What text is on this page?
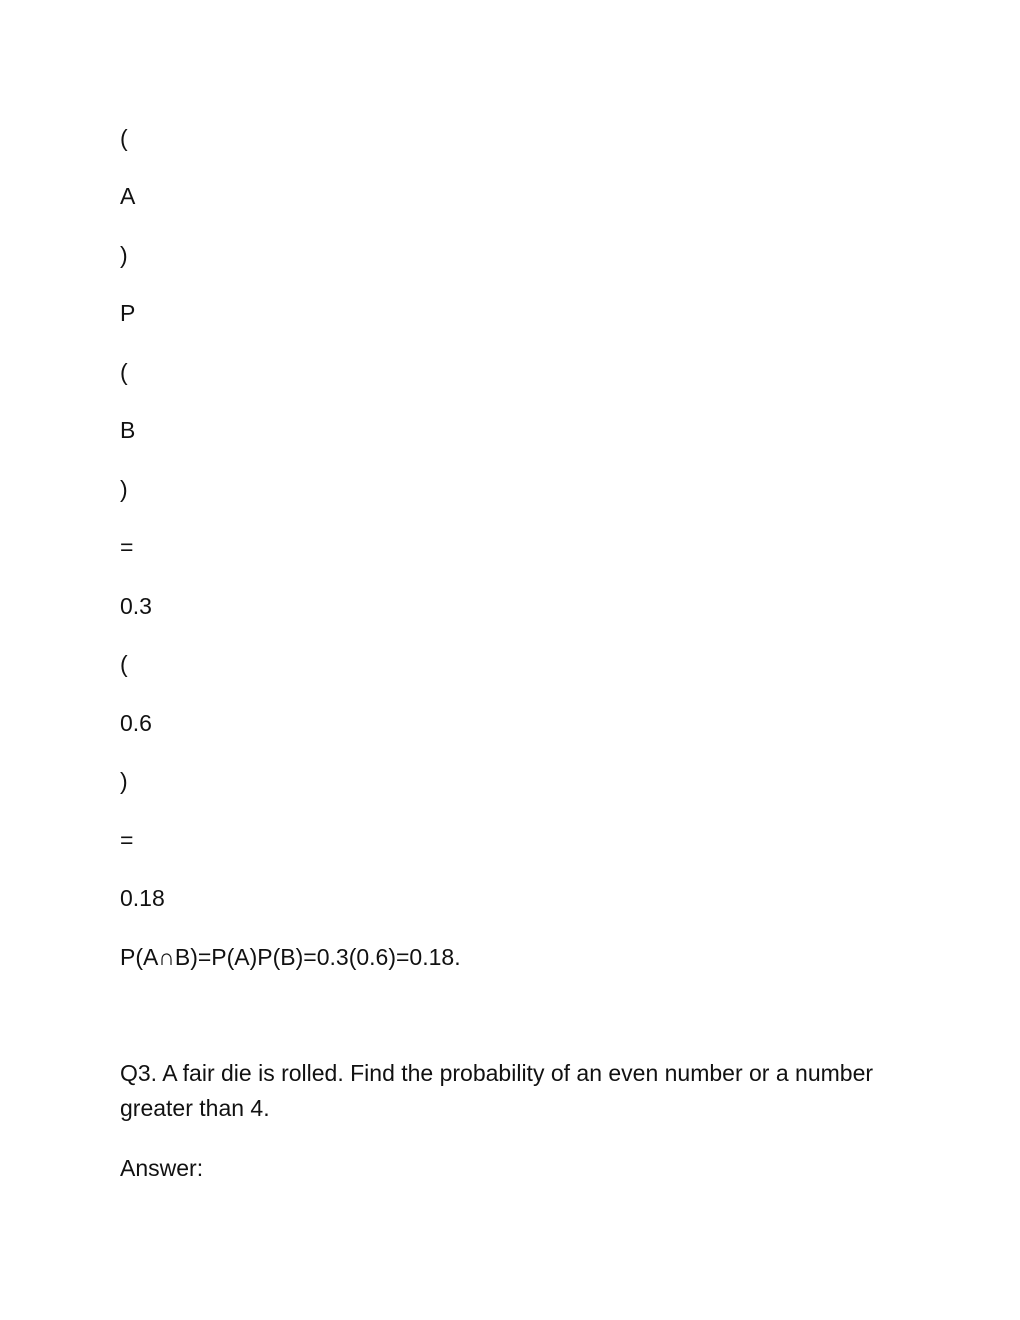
(
A
)
P
(
B
)
=
0.3
(
0.6
)
=
0.18
P(A∩B)=P(A)P(B)=0.3(0.6)=0.18.
Q3. A fair die is rolled. Find the probability of an even number or a number greater than 4.
Answer:
